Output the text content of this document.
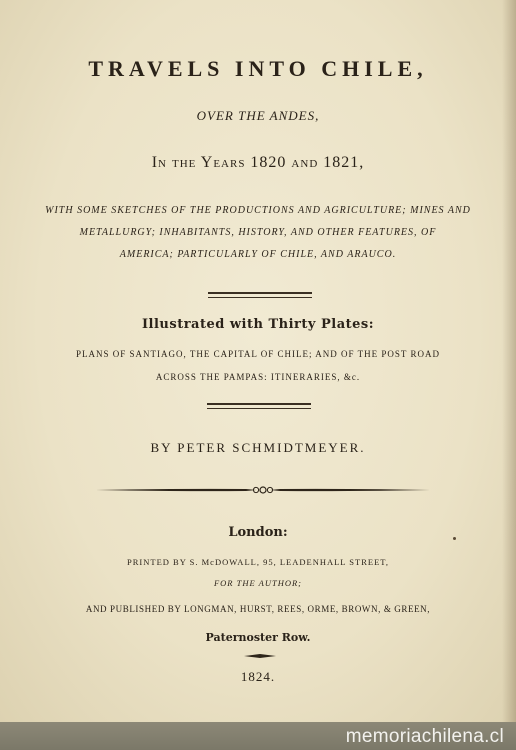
TRAVELS INTO CHILE,
OVER THE ANDES,
In the Years 1820 and 1821,
WITH SOME SKETCHES OF THE PRODUCTIONS AND AGRICULTURE; MINES AND
METALLURGY; INHABITANTS, HISTORY, AND OTHER FEATURES, OF
AMERICA; PARTICULARLY OF CHILE, AND ARAUCO.
Illustrated with Thirty Plates:
PLANS OF SANTIAGO, THE CAPITAL OF CHILE; AND OF THE POST ROAD
ACROSS THE PAMPAS: ITINERARIES, &c.
BY PETER SCHMIDTMEYER.
London:
PRINTED BY S. McDOWALL, 95, LEADENHALL STREET,
FOR THE AUTHOR;
AND PUBLISHED BY LONGMAN, HURST, REES, ORME, BROWN, & GREEN,
Paternoster Row.
1824.
memoriachilena.cl
